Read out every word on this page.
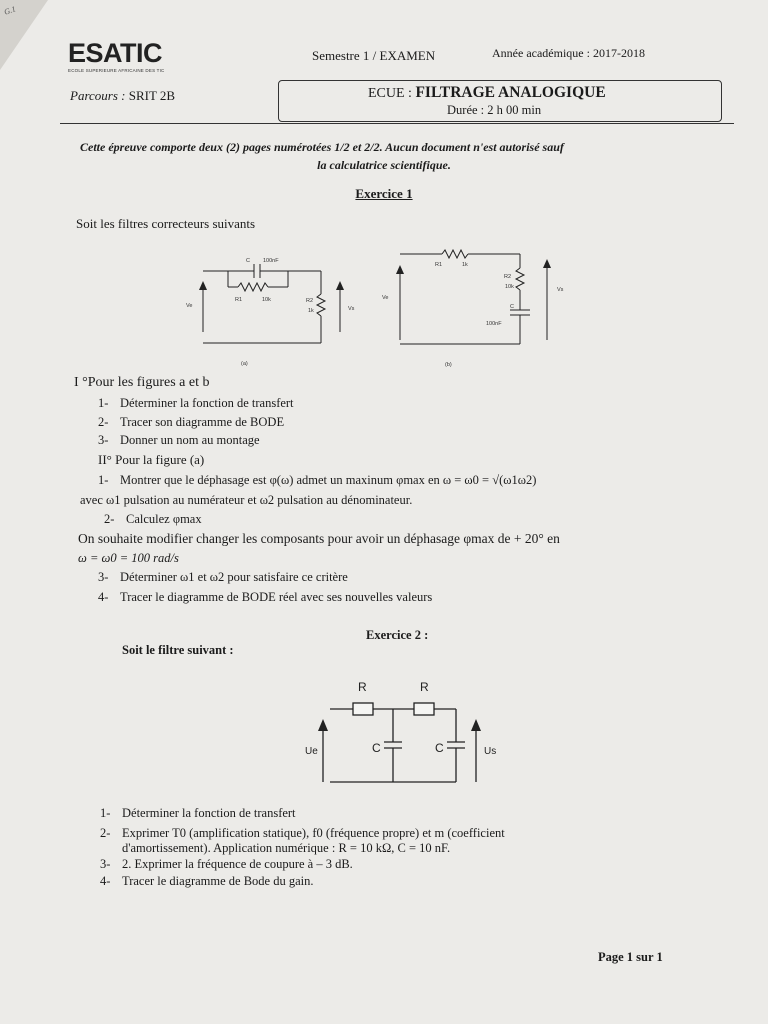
G.1
ESATIC
ECOLE SUPERIEURE AFRICAINE DES TIC
Semestre 1 / EXAMEN	Année académique : 2017-2018
Parcours : SRIT 2B	ECUE : FILTRAGE ANALOGIQUE
Durée : 2 h 00 min
Cette épreuve comporte deux (2) pages numérotées 1/2 et 2/2. Aucun document n'est autorisé sauf
la calculatrice scientifique.
Exercice 1
Soit les filtres correcteurs suivants
C 100nF
R1	10k	R2
1k
Ve	Vs
(a)
R1	1k
R2
10k
C
100nF
Ve
Vs
(b)
I °Pour les figures a et b
1- Déterminer la fonction de transfert
2- Tracer son diagramme de BODE
3- Donner un nom au montage
II° Pour la figure (a)
1- Montrer que le déphasage est φ(ω) admet un maxinum φmax en ω = ω0 = √(ω1ω2)
avec ω1 pulsation au numérateur et ω2 pulsation au dénominateur.
2- Calculez φmax
On souhaite modifier changer les composants pour avoir un déphasage φmax de + 20° en
ω = ω0 = 100 rad/s
3- Déterminer ω1 et ω2 pour satisfaire ce critère
4- Tracer le diagramme de BODE réel avec ses nouvelles valeurs
Exercice 2 :
Soit le filtre suivant :
R	R
C	C
Ue	Us
1- Déterminer la fonction de transfert
2- Exprimer T0 (amplification statique), f0 (fréquence propre) et m (coefficient
d'amortissement). Application numérique : R = 10 kΩ, C = 10 nF.
3- 2. Exprimer la fréquence de coupure à – 3 dB.
4- Tracer le diagramme de Bode du gain.
Page 1 sur 1
